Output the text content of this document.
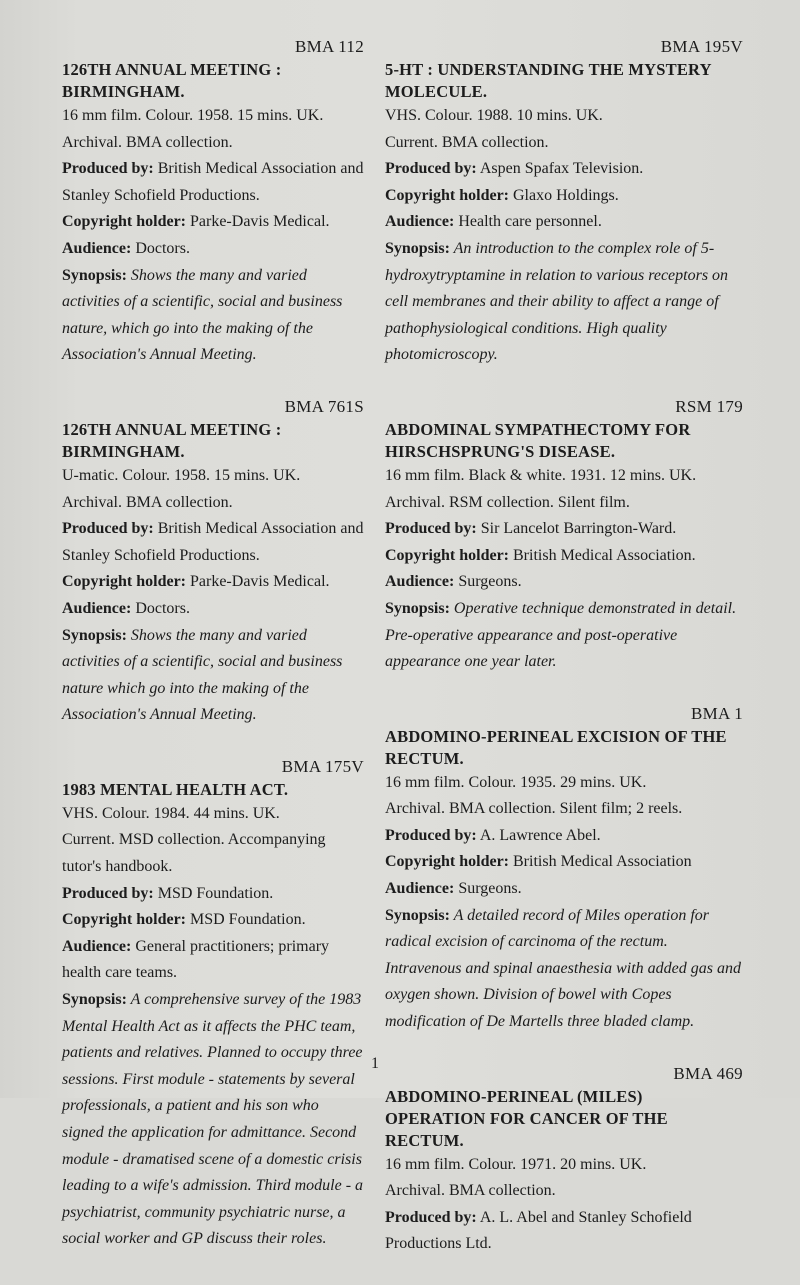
BMA 112
126TH ANNUAL MEETING : BIRMINGHAM.

16 mm film. Colour. 1958. 15 mins. UK.

Archival. BMA collection.

Produced by: British Medical Association and Stanley Schofield Productions.

Copyright holder: Parke-Davis Medical.

Audience: Doctors.

Synopsis: Shows the many and varied activities of a scientific, social and business nature, which go into the making of the Association's Annual Meeting.

BMA 761S
126TH ANNUAL MEETING : BIRMINGHAM.

U-matic. Colour. 1958. 15 mins. UK.

Archival. BMA collection.

Produced by: British Medical Association and Stanley Schofield Productions.

Copyright holder: Parke-Davis Medical.

Audience: Doctors.

Synopsis: Shows the many and varied activities of a scientific, social and business nature which go into the making of the Association's Annual Meeting.

BMA 175V
1983 MENTAL HEALTH ACT.

VHS. Colour. 1984. 44 mins. UK.

Current. MSD collection. Accompanying tutor's handbook.

Produced by: MSD Foundation.

Copyright holder: MSD Foundation.

Audience: General practitioners; primary health care teams.

Synopsis: A comprehensive survey of the 1983 Mental Health Act as it affects the PHC team, patients and relatives. Planned to occupy three sessions. First module - statements by several professionals, a patient and his son who signed the application for admittance. Second module - dramatised scene of a domestic crisis leading to a wife's admission. Third module - a psychiatrist, community psychiatric nurse, a social worker and GP discuss their roles.

BMA 195V
5-HT : UNDERSTANDING THE MYSTERY MOLECULE.

VHS. Colour. 1988. 10 mins. UK.

Current. BMA collection.

Produced by: Aspen Spafax Television.

Copyright holder: Glaxo Holdings.

Audience: Health care personnel.

Synopsis: An introduction to the complex role of 5-hydroxytryptamine in relation to various receptors on cell membranes and their ability to affect a range of pathophysiological conditions. High quality photomicroscopy.

RSM 179
ABDOMINAL SYMPATHECTOMY FOR HIRSCHSPRUNG'S DISEASE.

16 mm film. Black & white. 1931. 12 mins. UK.

Archival. RSM collection. Silent film.

Produced by: Sir Lancelot Barrington-Ward.

Copyright holder: British Medical Association.

Audience: Surgeons.

Synopsis: Operative technique demonstrated in detail. Pre-operative appearance and post-operative appearance one year later.

BMA 1
ABDOMINO-PERINEAL EXCISION OF THE RECTUM.

16 mm film. Colour. 1935. 29 mins. UK.

Archival. BMA collection. Silent film; 2 reels.

Produced by: A. Lawrence Abel.

Copyright holder: British Medical Association

Audience: Surgeons.

Synopsis: A detailed record of Miles operation for radical excision of carcinoma of the rectum. Intravenous and spinal anaesthesia with added gas and oxygen shown. Division of bowel with Copes modification of De Martells three bladed clamp.

BMA 469
ABDOMINO-PERINEAL (MILES) OPERATION FOR CANCER OF THE RECTUM.

16 mm film. Colour. 1971. 20 mins. UK.

Archival. BMA collection.

Produced by: A. L. Abel and Stanley Schofield Productions Ltd.

1
